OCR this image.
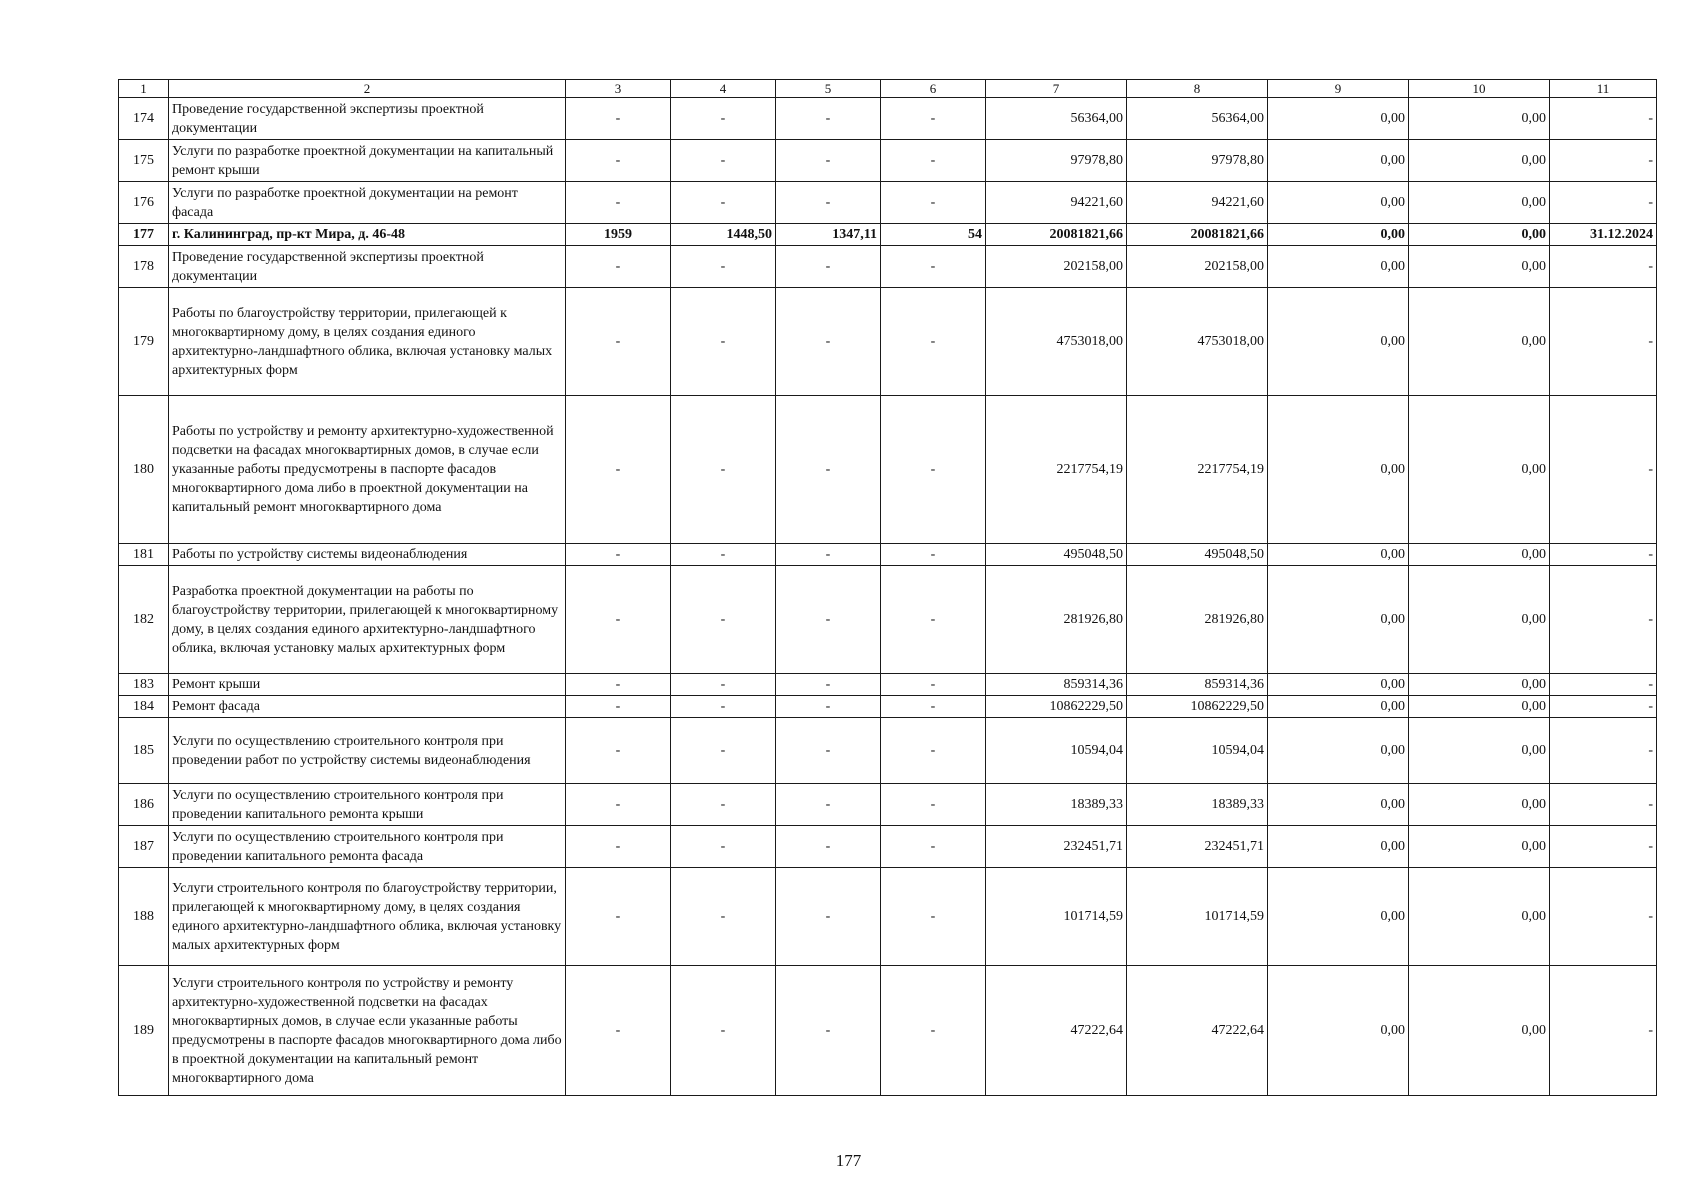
1	2	3	4	5	6	7	8	9	10	11
174	Проведение государственной экспертизы проектной документации	-	-	-	-	56364,00	56364,00	0,00	0,00	-
175	Услуги по разработке проектной документации на капитальный ремонт крыши	-	-	-	-	97978,80	97978,80	0,00	0,00	-
176	Услуги по разработке проектной документации на ремонт фасада	-	-	-	-	94221,60	94221,60	0,00	0,00	-
177	г. Калининград, пр-кт Мира, д. 46-48	1959	1448,50	1347,11	54	20081821,66	20081821,66	0,00	0,00	31.12.2024
178	Проведение государственной экспертизы проектной документации	-	-	-	-	202158,00	202158,00	0,00	0,00	-
179	Работы по благоустройству территории, прилегающей к многоквартирному дому, в целях создания единого архитектурно-ландшафтного облика, включая установку малых архитектурных форм	-	-	-	-	4753018,00	4753018,00	0,00	0,00	-
180	Работы по устройству и ремонту архитектурно-художественной подсветки на фасадах многоквартирных домов, в случае если указанные работы предусмотрены в паспорте фасадов многоквартирного дома либо в проектной документации на капитальный ремонт многоквартирного дома	-	-	-	-	2217754,19	2217754,19	0,00	0,00	-
181	Работы по устройству системы видеонаблюдения	-	-	-	-	495048,50	495048,50	0,00	0,00	-
182	Разработка проектной документации на работы по благоустройству территории, прилегающей к многоквартирному дому, в целях создания единого архитектурно-ландшафтного облика, включая установку малых архитектурных форм	-	-	-	-	281926,80	281926,80	0,00	0,00	-
183	Ремонт крыши	-	-	-	-	859314,36	859314,36	0,00	0,00	-
184	Ремонт фасада	-	-	-	-	10862229,50	10862229,50	0,00	0,00	-
185	Услуги по осуществлению строительного контроля при проведении работ по устройству системы видеонаблюдения	-	-	-	-	10594,04	10594,04	0,00	0,00	-
186	Услуги по осуществлению строительного контроля при проведении капитального ремонта крыши	-	-	-	-	18389,33	18389,33	0,00	0,00	-
187	Услуги по осуществлению строительного контроля при проведении капитального ремонта фасада	-	-	-	-	232451,71	232451,71	0,00	0,00	-
188	Услуги строительного контроля по благоустройству территории, прилегающей к многоквартирному дому, в целях создания единого архитектурно-ландшафтного облика, включая установку малых архитектурных форм	-	-	-	-	101714,59	101714,59	0,00	0,00	-
189	Услуги строительного контроля по устройству и ремонту архитектурно-художественной подсветки на фасадах многоквартирных домов, в случае если указанные работы предусмотрены в паспорте фасадов многоквартирного дома либо в проектной документации на капитальный ремонт многоквартирного дома	-	-	-	-	47222,64	47222,64	0,00	0,00	-
177
